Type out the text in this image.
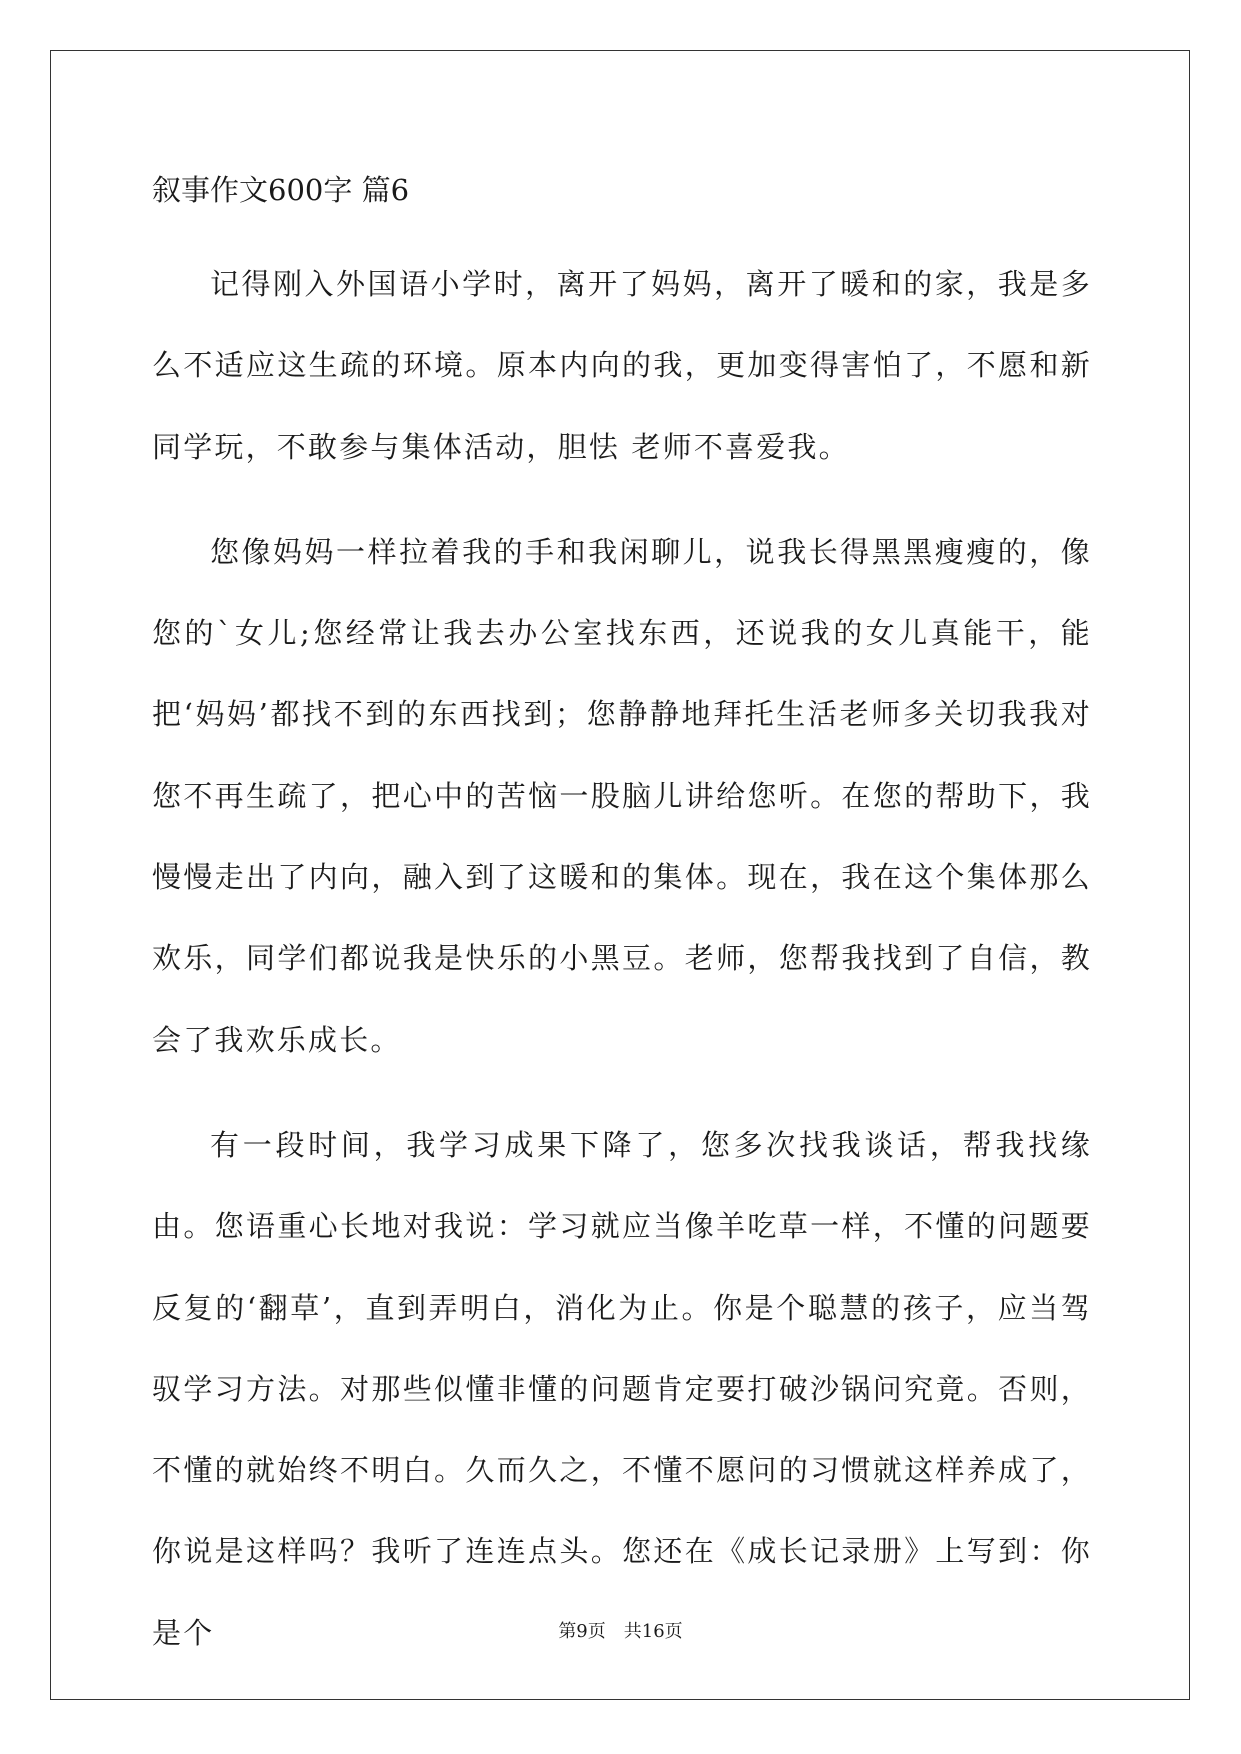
叙事作文600字 篇6

记得刚入外国语小学时，离开了妈妈，离开了暖和的家，我是多么不适应这生疏的环境。原本内向的我，更加变得害怕了，不愿和新同学玩，不敢参与集体活动，胆怯 老师不喜爱我。

您像妈妈一样拉着我的手和我闲聊儿，说我长得黑黑瘦瘦的，像您的`女儿;您经常让我去办公室找东西，还说我的女儿真能干，能把‘妈妈’都找不到的东西找到；您静静地拜托生活老师多关切我我对您不再生疏了，把心中的苦恼一股脑儿讲给您听。在您的帮助下，我慢慢走出了内向，融入到了这暖和的集体。现在，我在这个集体那么欢乐，同学们都说我是快乐的小黑豆。老师，您帮我找到了自信，教会了我欢乐成长。

有一段时间，我学习成果下降了，您多次找我谈话，帮我找缘由。您语重心长地对我说：学习就应当像羊吃草一样，不懂的问题要反复的‘翻草’，直到弄明白，消化为止。你是个聪慧的孩子，应当驾驭学习方法。对那些似懂非懂的问题肯定要打破沙锅问究竟。否则，不懂的就始终不明白。久而久之，不懂不愿问的习惯就这样养成了，你说是这样吗？我听了连连点头。您还在《成长记录册》上写到：你是个	第9页 共16页
